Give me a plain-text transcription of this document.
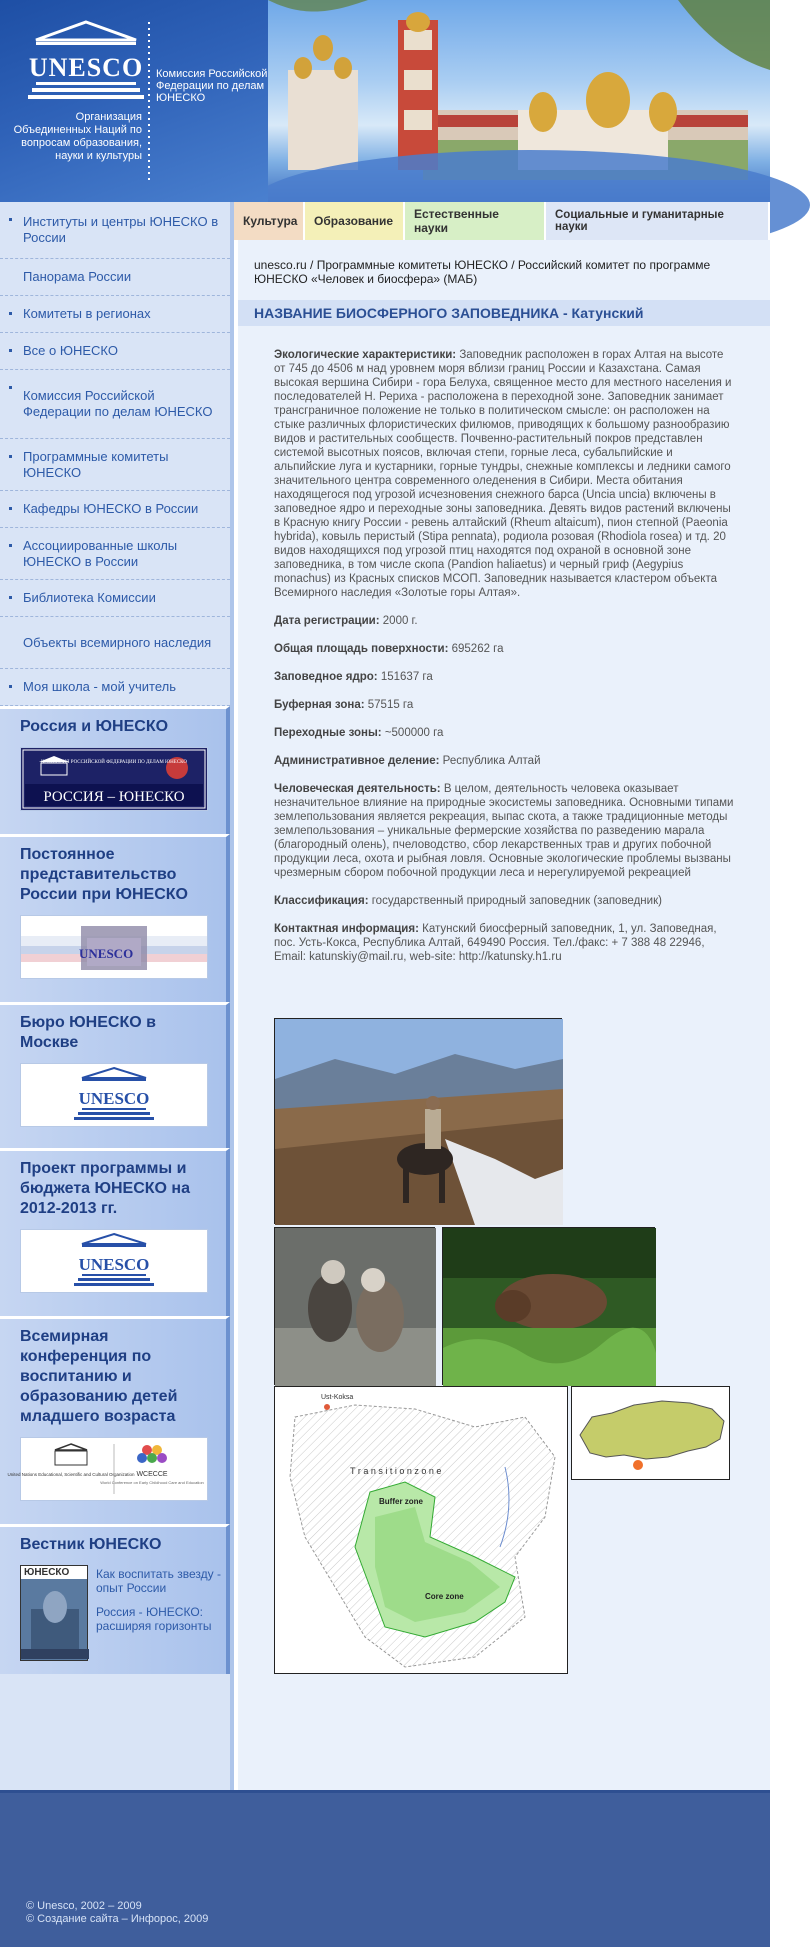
UNESCO
Организация Объединенных Наций по вопросам образования, науки и культуры
Комиссия Российской Федерации по делам ЮНЕСКО
Институты и центры ЮНЕСКО в России
Панорама России
Комитеты в регионах
Все о ЮНЕСКО
Комиссия Российской Федерации по делам ЮНЕСКО
Программные комитеты ЮНЕСКО
Кафедры ЮНЕСКО в России
Ассоциированные школы ЮНЕСКО в России
Библиотека Комиссии
Объекты всемирного наследия
Моя школа - мой учитель
Россия и ЮНЕСКО
КОМИССИЯ РОССИЙСКОЙ ФЕДЕРАЦИИ ПО ДЕЛАМ ЮНЕСКО
РОССИЯ – ЮНЕСКО
Постоянное представительство России при ЮНЕСКО
UNESCO
Бюро ЮНЕСКО в Москве
UNESCO
Проект программы и бюджета ЮНЕСКО на 2012-2013 гг.
UNESCO
Всемирная конференция по воспитанию и образованию детей младшего возраста
United Nations Educational, Scientific and Cultural Organization WCECCE
World Conference on Early Childhood Care and Education
Вестник ЮНЕСКО
ЮНЕСКО	Как воспитать звезду - опыт России
Россия - ЮНЕСКО: расширяя горизонты
Культура Образование Естественные науки
Социальные и гуманитарные науки
unesco.ru / Программные комитеты ЮНЕСКО / Российский комитет по программе ЮНЕСКО «Человек и биосфера» (МАБ)
НАЗВАНИЕ БИОСФЕРНОГО ЗАПОВЕДНИКА - Катунский

Экологические характеристики: Заповедник расположен в горах Алтая на высоте от 745 до 4506 м над уровнем моря вблизи границ России и Казахстана. Самая высокая вершина Сибири - гора Белуха, священное место для местного населения и последователей Н. Рериха - расположена в переходной зоне. Заповедник занимает трансграничное положение не только в политическом смысле: он расположен на стыке различных флористических филюмов, приводящих к большому разнообразию видов и растительных сообществ. Почвенно-растительный покров представлен системой высотных поясов, включая степи, горные леса, субальпийские и альпийские луга и кустарники, горные тундры, снежные комплексы и ледники самого значительного центра современного оледенения в Сибири. Места обитания находящегося под угрозой исчезновения снежного барса (Uncia uncia) включены в заповедное ядро и переходные зоны заповедника. Девять видов растений включены в Красную книгу России - ревень алтайский (Rheum altaicum), пион степной (Paeonia hybrida), ковыль перистый (Stipa pennata), родиола розовая (Rhodiola rosea) и тд. 20 видов находящихся под угрозой птиц находятся под охраной в основной зоне заповедника, в том числе скопа (Pandion haliaetus) и черный гриф (Aegypius monachus) из Красных списков МСОП. Заповедник называется кластером объекта Всемирного наследия «Золотые горы Алтая».

Дата регистрации: 2000 г.

Общая площадь поверхности: 695262 га

Заповедное ядро: 151637 га

Буферная зона: 57515 га

Переходные зоны: ~500000 га

Административное деление: Республика Алтай

Человеческая деятельность: В целом, деятельность человека оказывает незначительное влияние на природные экосистемы заповедника. Основными типами землепользования является рекреация, выпас скота, а также традиционные методы землепользования – уникальные фермерские хозяйства по разведению марала (благородный олень), пчеловодство, сбор лекарственных трав и других побочной продукции леса, охота и рыбная ловля. Основные экологические проблемы вызваны чрезмерным сбором побочной продукции леса и нерегулируемой рекреацией

Классификация: государственный природный заповедник (заповедник)

Контактная информация: Катунский биосферный заповедник, 1, ул. Заповедная, пос. Усть-Кокса, Республика Алтай, 649490 Россия. Тел./факс: + 7 388 48 22946, Email: katunskiy@mail.ru, web-site: http://katunsky.h1.ru

Ust-Koksa
T r a n s i t i o n z o n e
Buffer zone
Core zone
© Unesco, 2002 – 2009
© Создание сайта – Инфорос, 2009
